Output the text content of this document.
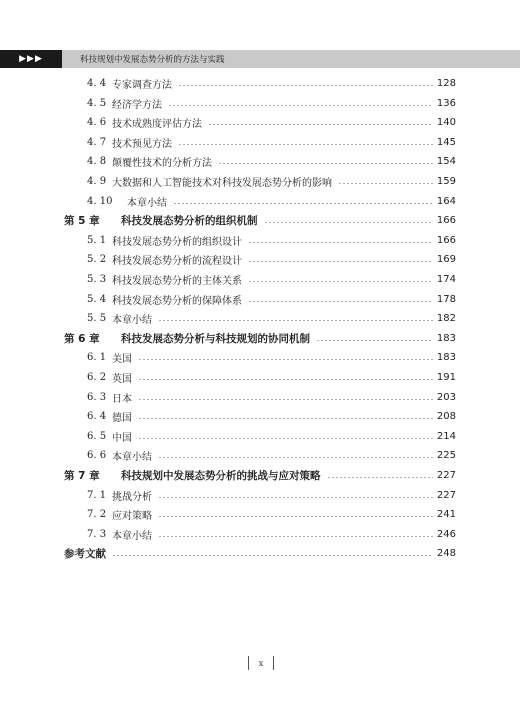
▶▶▶	科技规划中发展态势分析的方法与实践
4. 4 专家调查方法	128
4. 5 经济学方法	136
4. 6 技术成熟度评估方法	140
4. 7 技术预见方法	145
4. 8 颠覆性技术的分析方法	154
4. 9 大数据和人工智能技术对科技发展态势分析的影响	159
4. 10 本章小结	164
第 5 章 科技发展态势分析的组织机制	166
5. 1 科技发展态势分析的组织设计	166
5. 2 科技发展态势分析的流程设计	169
5. 3 科技发展态势分析的主体关系	174
5. 4 科技发展态势分析的保障体系	178
5. 5 本章小结	182
第 6 章 科技发展态势分析与科技规划的协同机制	183
6. 1 美国	183
6. 2 英国	191
6. 3 日本	203
6. 4 德国	208
6. 5 中国	214
6. 6 本章小结	225
第 7 章 科技规划中发展态势分析的挑战与应对策略	227
7. 1 挑战分析	227
7. 2 应对策略	241
7. 3 本章小结	246
参考文献	248
x
